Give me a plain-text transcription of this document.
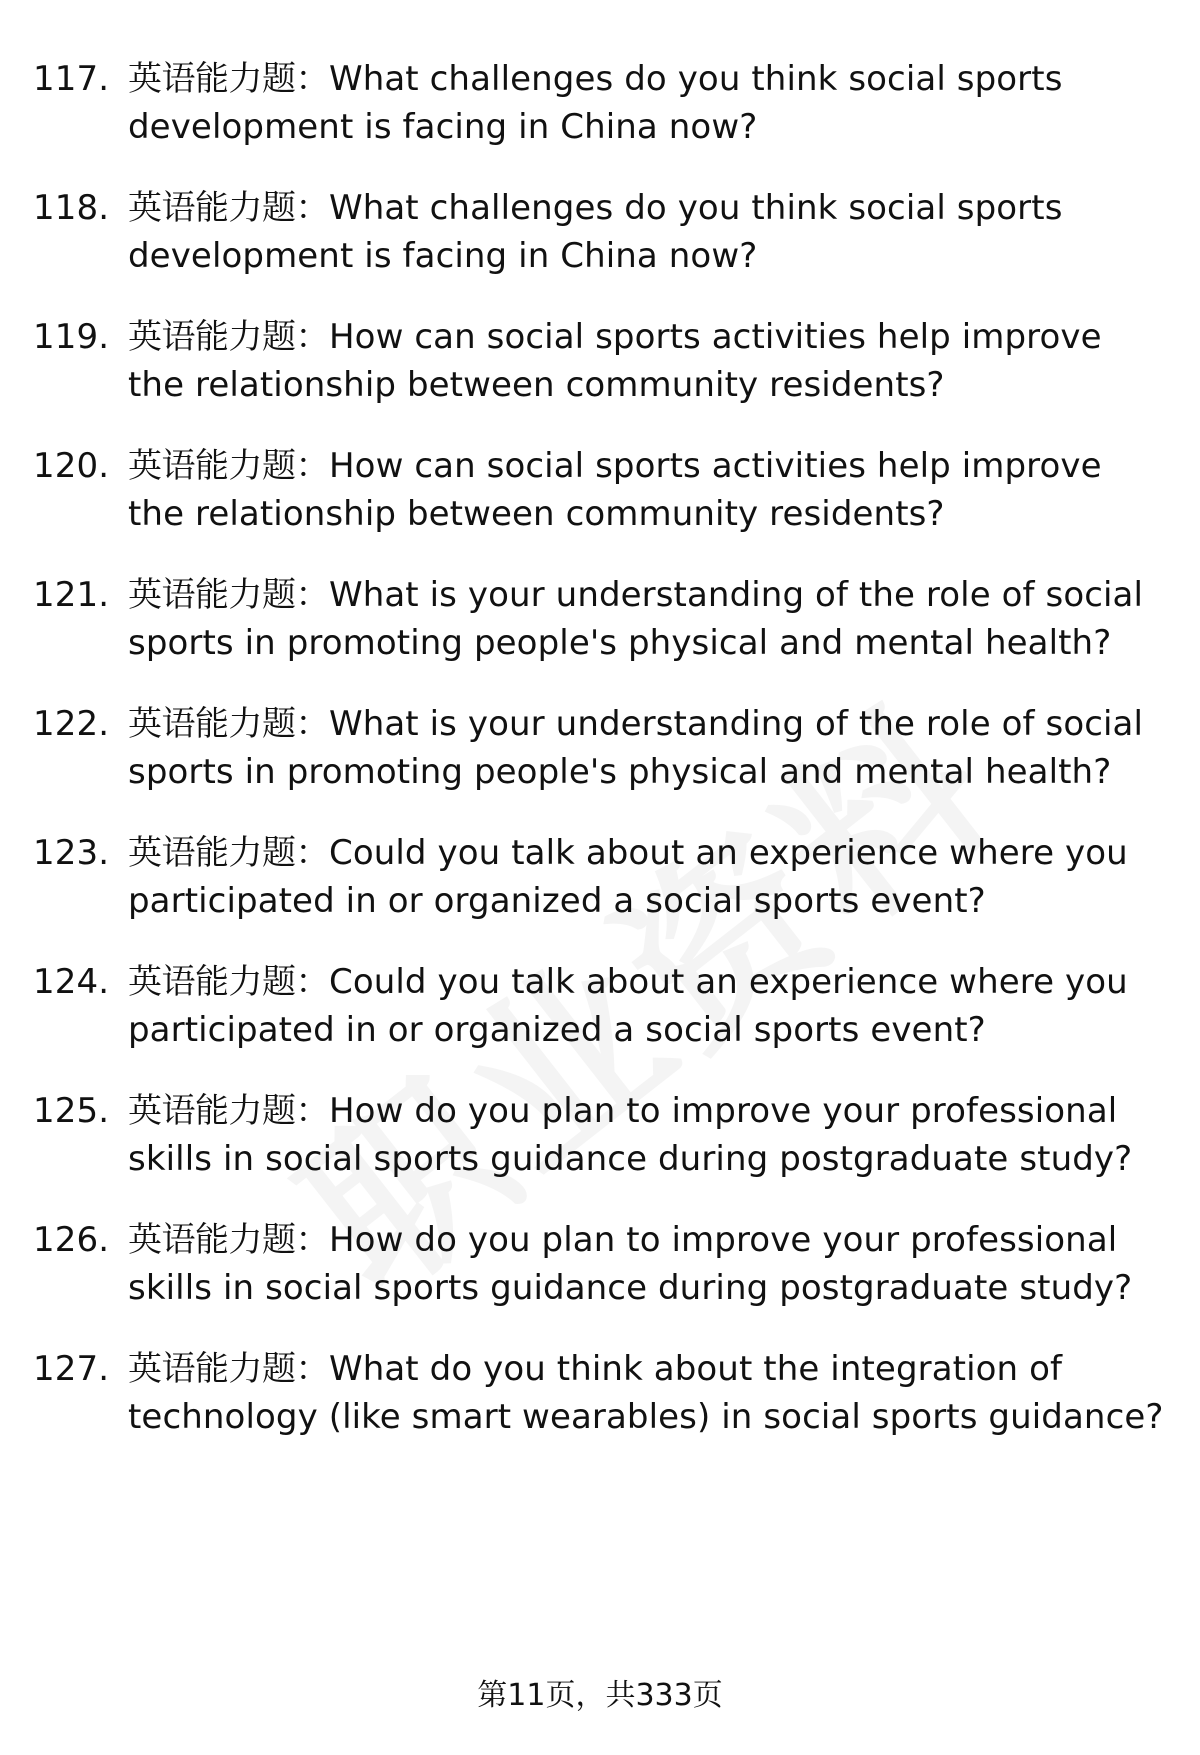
117. 英语能力题：What challenges do you think social sports development is facing in China now?
118. 英语能力题：What challenges do you think social sports development is facing in China now?
119. 英语能力题：How can social sports activities help improve the relationship between community residents?
120. 英语能力题：How can social sports activities help improve the relationship between community residents?
121. 英语能力题：What is your understanding of the role of social sports in promoting people's physical and mental health?
122. 英语能力题：What is your understanding of the role of social sports in promoting people's physical and mental health?
123. 英语能力题：Could you talk about an experience where you participated in or organized a social sports event?
124. 英语能力题：Could you talk about an experience where you participated in or organized a social sports event?
125. 英语能力题：How do you plan to improve your professional skills in social sports guidance during postgraduate study?
126. 英语能力题：How do you plan to improve your professional skills in social sports guidance during postgraduate study?
127. 英语能力题：What do you think about the integration of technology (like smart wearables) in social sports guidance?
第11页，共333页
